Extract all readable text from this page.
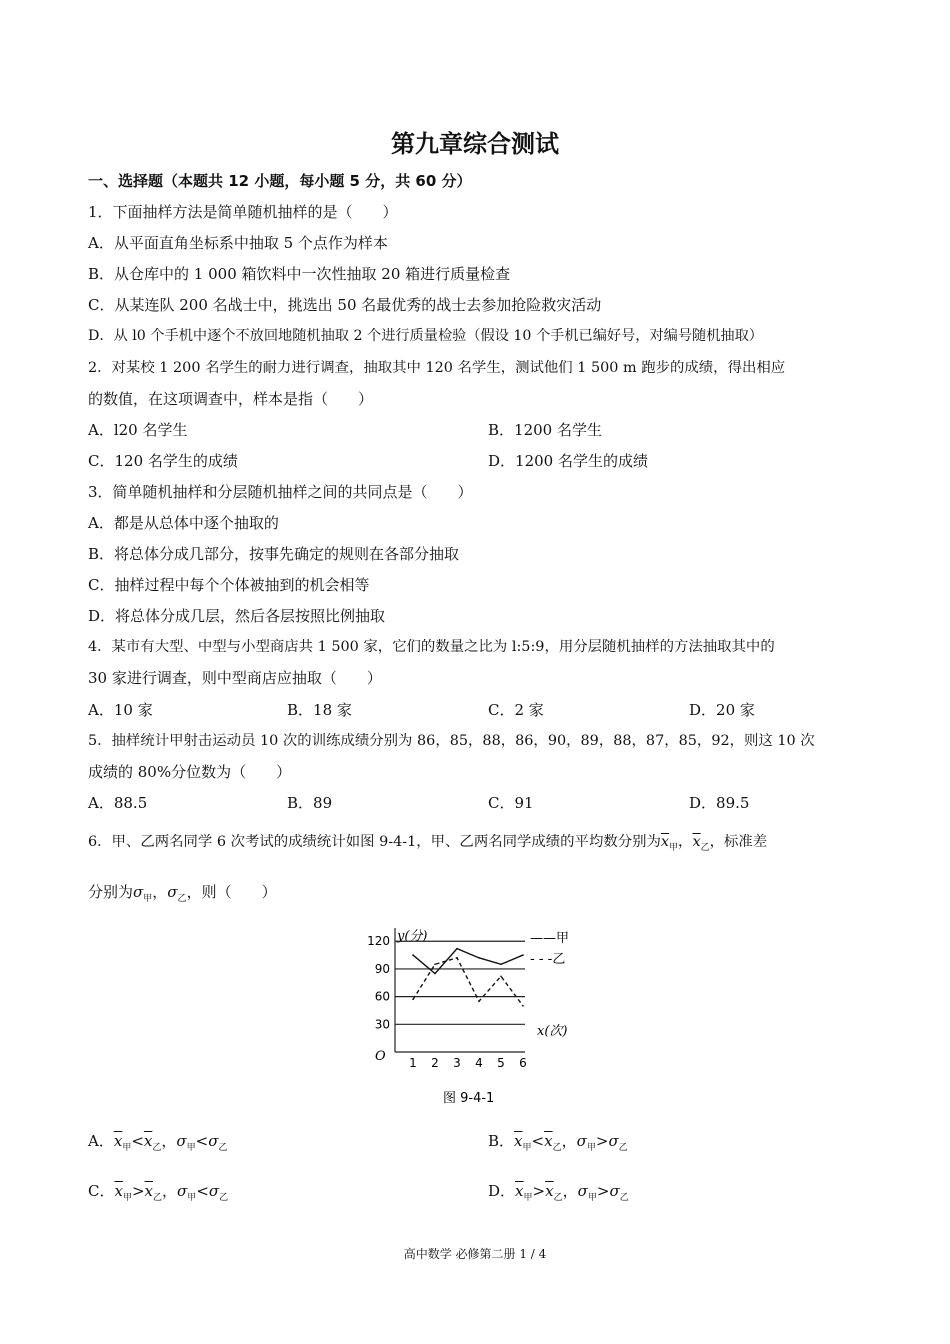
第九章综合测试
一、选择题（本题共 12 小题，每小题 5 分，共 60 分）
1．下面抽样方法是简单随机抽样的是（　　）
A．从平面直角坐标系中抽取 5 个点作为样本
B．从仓库中的 1 000 箱饮料中一次性抽取 20 箱进行质量检查
C．从某连队 200 名战士中，挑选出 50 名最优秀的战士去参加抢险救灾活动
D．从 l0 个手机中逐个不放回地随机抽取 2 个进行质量检验（假设 10 个手机已编好号，对编号随机抽取）
2．对某校 1 200 名学生的耐力进行调查，抽取其中 120 名学生，测试他们 1 500 m 跑步的成绩，得出相应
的数值，在这项调查中，样本是指（　　）
A．l20 名学生	B．1200 名学生
C．120 名学生的成绩	D．1200 名学生的成绩
3．简单随机抽样和分层随机抽样之间的共同点是（　　）
A．都是从总体中逐个抽取的
B．将总体分成几部分，按事先确定的规则在各部分抽取
C．抽样过程中每个个体被抽到的机会相等
D．将总体分成几层，然后各层按照比例抽取
4．某市有大型、中型与小型商店共 1 500 家，它们的数量之比为 l:5:9，用分层随机抽样的方法抽取其中的
30 家进行调查，则中型商店应抽取（　　）
A．10 家	B．18 家	C．2 家	D．20 家
5．抽样统计甲射击运动员 10 次的训练成绩分别为 86，85，88，86，90，89，88，87，85，92，则这 10 次
成绩的 80%分位数为（　　）
A．88.5	B．89	C．91	D．89.5
6．甲、乙两名同学 6 次考试的成绩统计如图 9-4-1，甲、乙两名同学成绩的平均数分别为$\overline{x}_甲$，$\overline{x}_乙$，标准差
分别为$\sigma_甲$，$\sigma_乙$，则（　　）
y(分)	——甲
- - -乙
O
x(次)
图 9-4-1
30
60
90
120
1 2 3 4 5 6
A．$\overline{x}_甲<\overline{x}_乙$，$\sigma_甲<\sigma_乙$	B．$\overline{x}_甲<\overline{x}_乙$，$\sigma_甲>\sigma_乙$
C．$\overline{x}_甲>\overline{x}_乙$，$\sigma_甲<\sigma_乙$	D．$\overline{x}_甲>\overline{x}_乙$，$\sigma_甲>\sigma_乙$
高中数学 必修第二册 1 / 4
